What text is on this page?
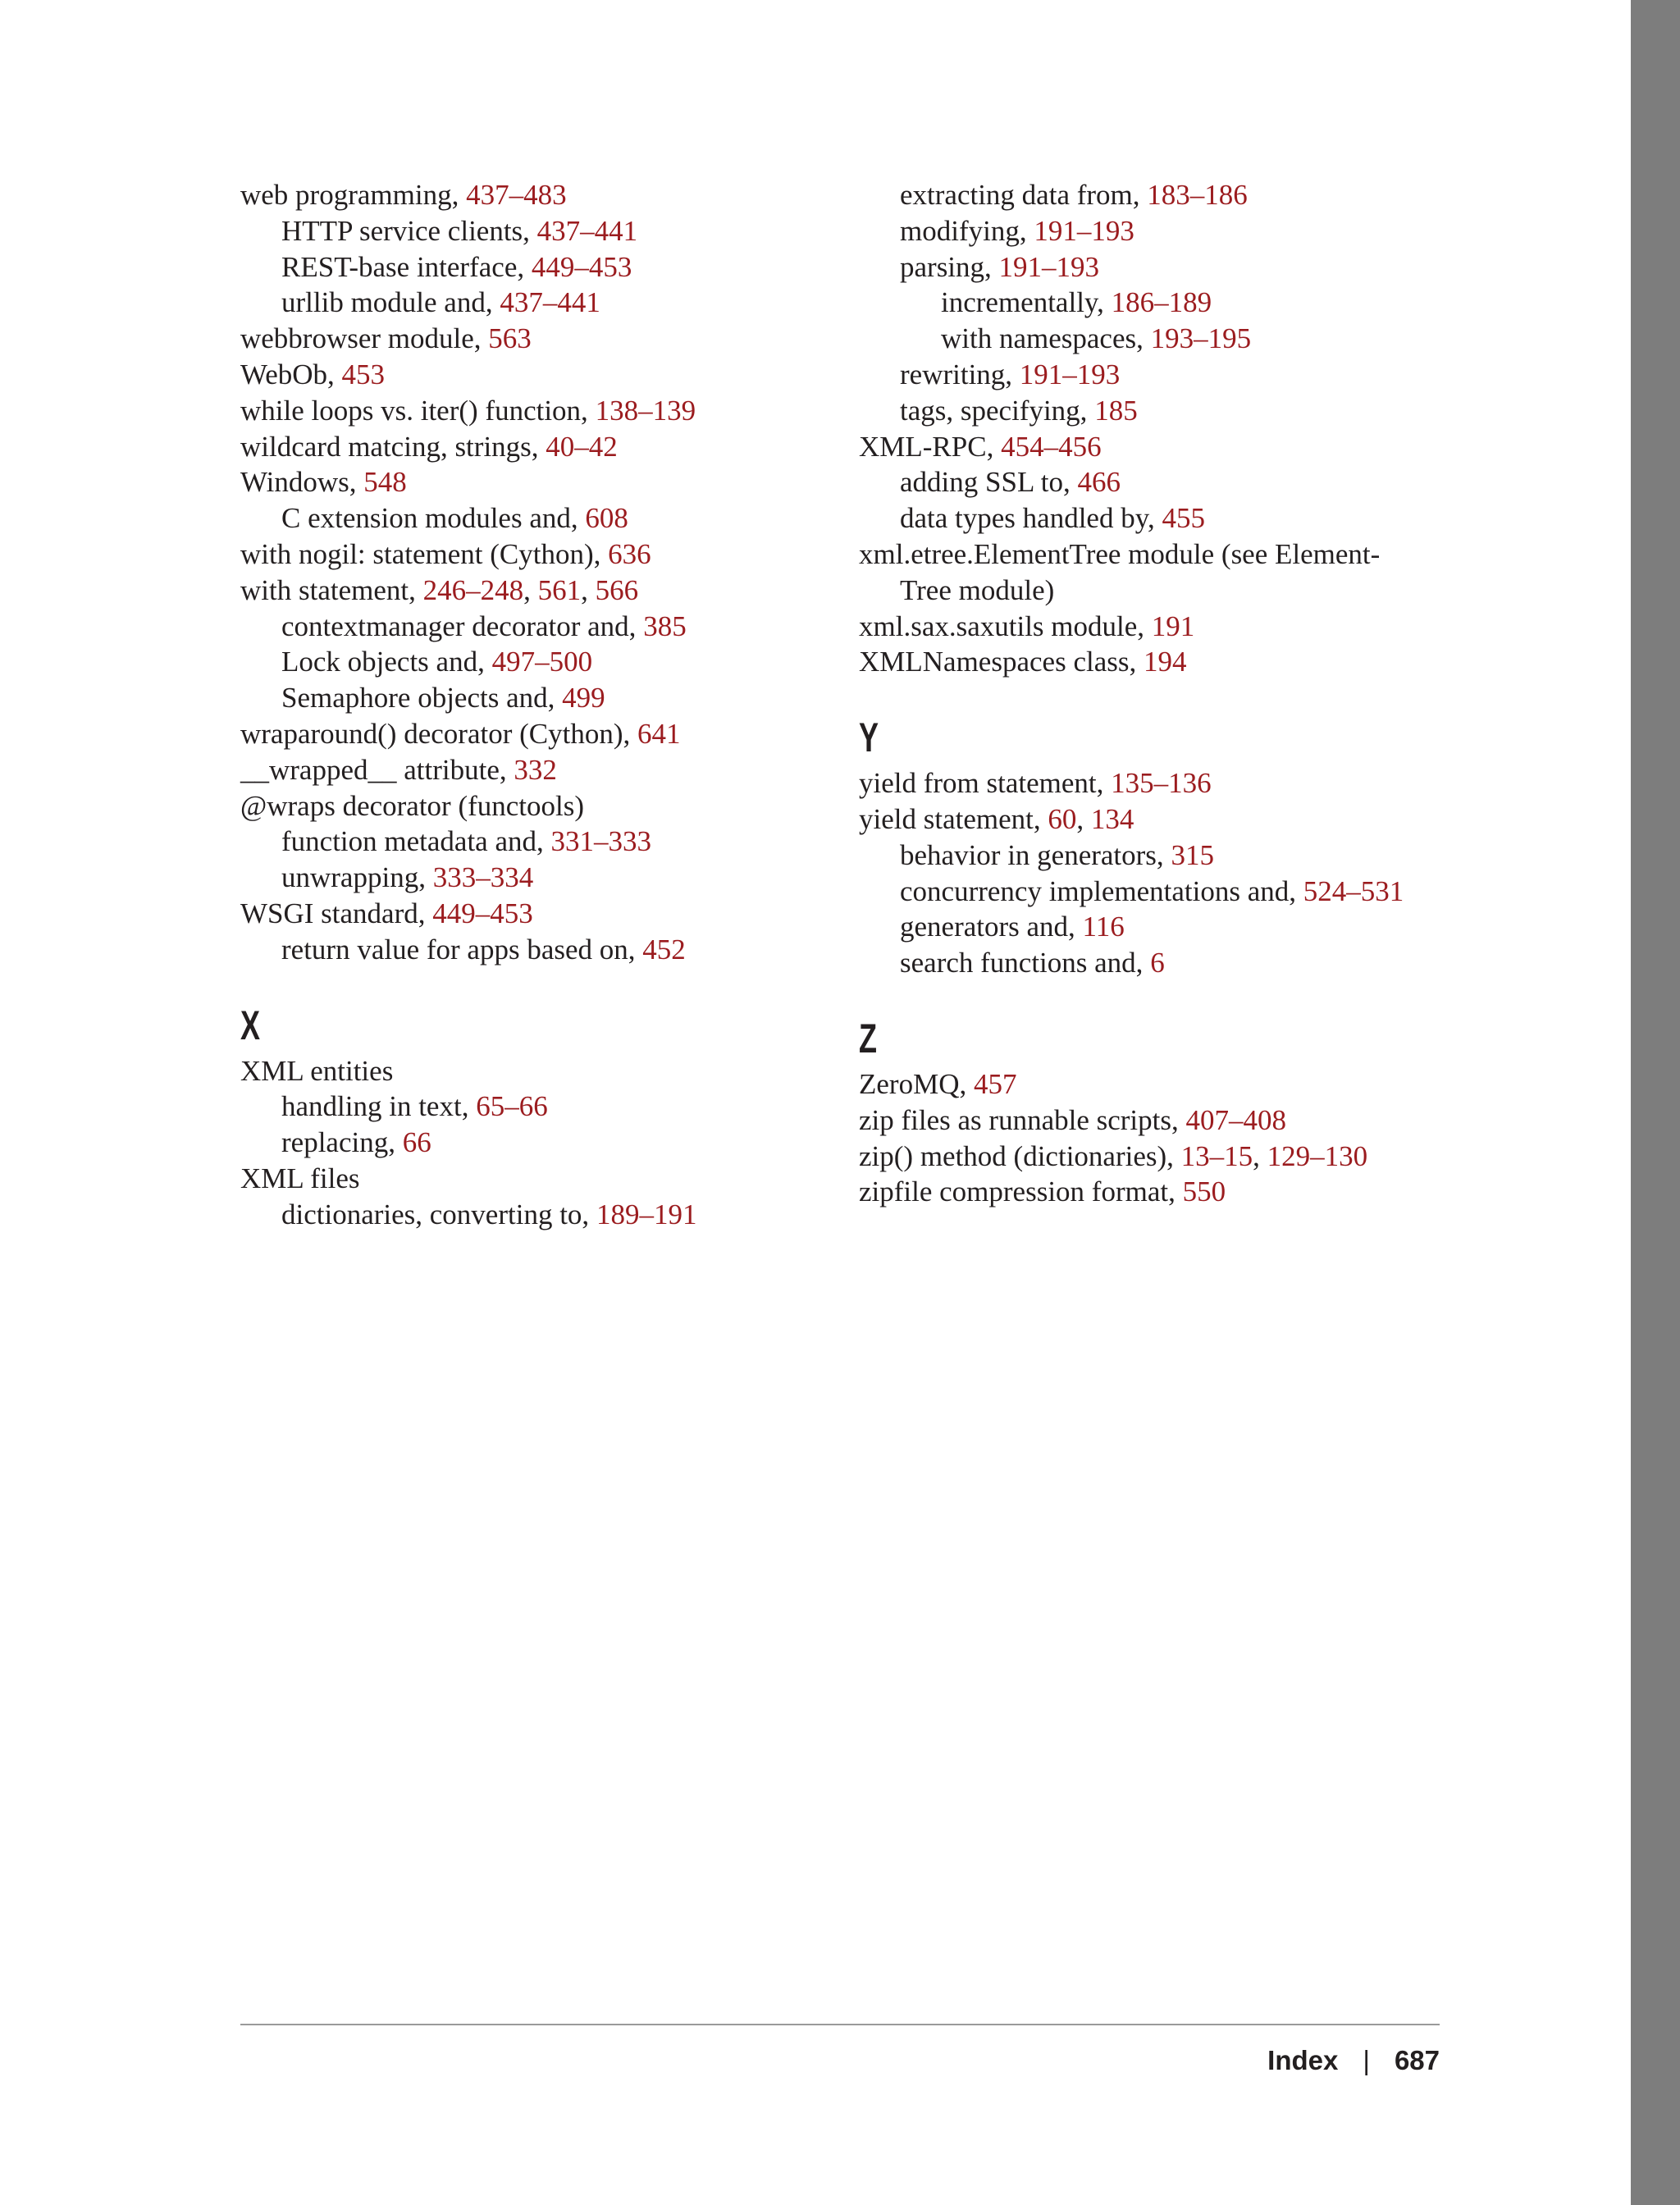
web programming, 437–483
HTTP service clients, 437–441
REST-base interface, 449–453
urllib module and, 437–441
webbrowser module, 563
WebOb, 453
while loops vs. iter() function, 138–139
wildcard matcing, strings, 40–42
Windows, 548
C extension modules and, 608
with nogil: statement (Cython), 636
with statement, 246–248, 561, 566
contextmanager decorator and, 385
Lock objects and, 497–500
Semaphore objects and, 499
wraparound() decorator (Cython), 641
__wrapped__ attribute, 332
@wraps decorator (functools)
function metadata and, 331–333
unwrapping, 333–334
WSGI standard, 449–453
return value for apps based on, 452
X
XML entities
handling in text, 65–66
replacing, 66
XML files
dictionaries, converting to, 189–191
extracting data from, 183–186
modifying, 191–193
parsing, 191–193
incrementally, 186–189
with namespaces, 193–195
rewriting, 191–193
tags, specifying, 185
XML-RPC, 454–456
adding SSL to, 466
data types handled by, 455
xml.etree.ElementTree module (see Element-
Tree module)
xml.sax.saxutils module, 191
XMLNamespaces class, 194
Y
yield from statement, 135–136
yield statement, 60, 134
behavior in generators, 315
concurrency implementations and, 524–531
generators and, 116
search functions and, 6
Z
ZeroMQ, 457
zip files as runnable scripts, 407–408
zip() method (dictionaries), 13–15, 129–130
zipfile compression format, 550
Index | 687
